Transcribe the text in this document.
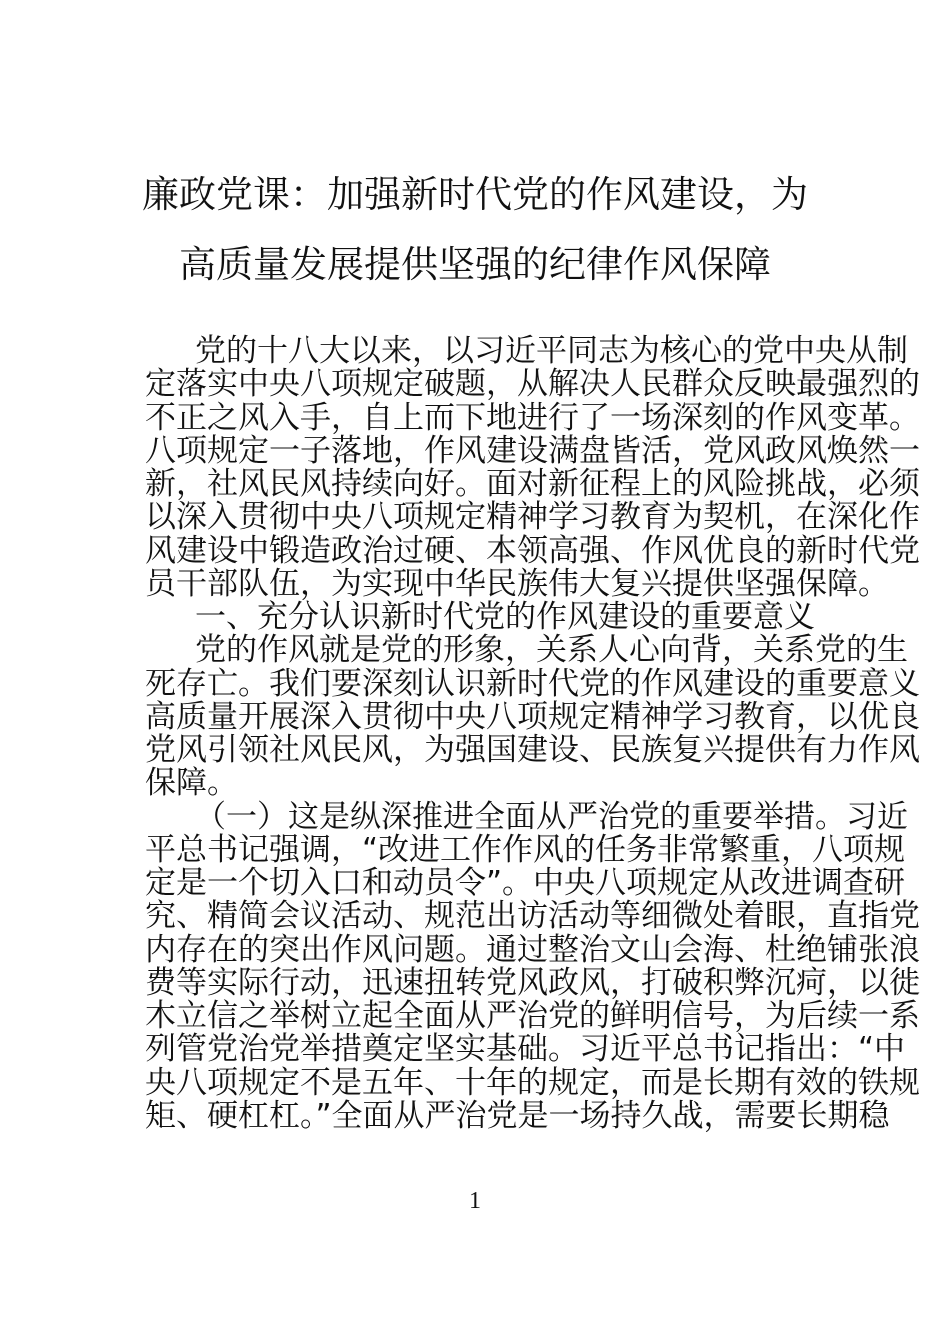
廉政党课：加强新时代党的作风建设，为
高质量发展提供坚强的纪律作风保障
党的十八大以来，以习近平同志为核心的党中央从制
定落实中央八项规定破题，从解决人民群众反映最强烈的
不正之风入手，自上而下地进行了一场深刻的作风变革。
八项规定一子落地，作风建设满盘皆活，党风政风焕然一
新，社风民风持续向好。面对新征程上的风险挑战，必须
以深入贯彻中央八项规定精神学习教育为契机，在深化作
风建设中锻造政治过硬、本领高强、作风优良的新时代党
员干部队伍，为实现中华民族伟大复兴提供坚强保障。
一、充分认识新时代党的作风建设的重要意义
党的作风就是党的形象，关系人心向背，关系党的生
死存亡。我们要深刻认识新时代党的作风建设的重要意义
高质量开展深入贯彻中央八项规定精神学习教育，以优良
党风引领社风民风，为强国建设、民族复兴提供有力作风
保障。
（一）这是纵深推进全面从严治党的重要举措。习近
平总书记强调，“改进工作作风的任务非常繁重，八项规
定是一个切入口和动员令”。中央八项规定从改进调查研
究、精简会议活动、规范出访活动等细微处着眼，直指党
内存在的突出作风问题。通过整治文山会海、杜绝铺张浪
费等实际行动，迅速扭转党风政风，打破积弊沉疴，以徙
木立信之举树立起全面从严治党的鲜明信号，为后续一系
列管党治党举措奠定坚实基础。习近平总书记指出：“中
央八项规定不是五年、十年的规定，而是长期有效的铁规
矩、硬杠杠。”全面从严治党是一场持久战，需要长期稳
1
